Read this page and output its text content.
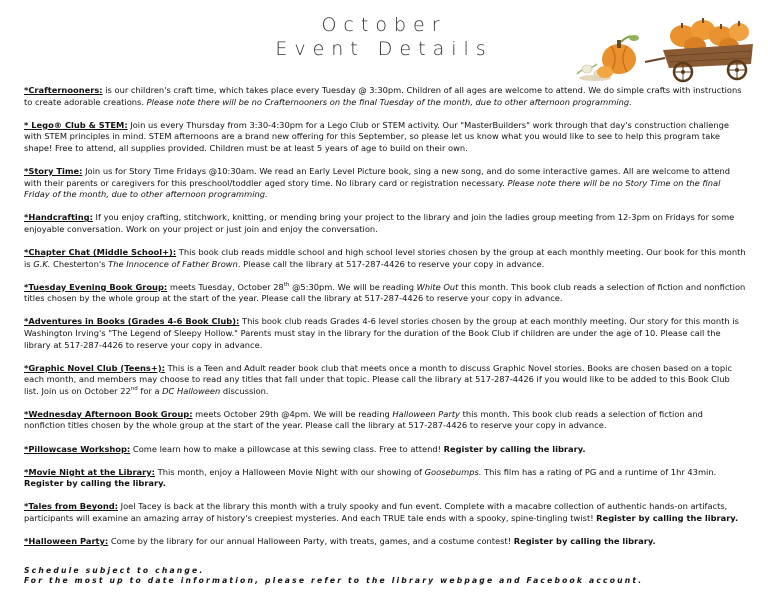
October
Event Details

*Crafternooners: is our children's craft time, which takes place every Tuesday @ 3:30pm. Children of all ages are welcome to attend. We do simple crafts with instructions to create adorable creations. Please note there will be no Crafternooners on the final Tuesday of the month, due to other afternoon programming.

* Lego® Club & STEM: Join us every Thursday from 3:30-4:30pm for a Lego Club or STEM activity. Our "MasterBuilders" work through that day's construction challenge with STEM principles in mind. STEM afternoons are a brand new offering for this September, so please let us know what you would like to see to help this program take shape! Free to attend, all supplies provided. Children must be at least 5 years of age to build on their own.

*Story Time: Join us for Story Time Fridays @10:30am. We read an Early Level Picture book, sing a new song, and do some interactive games. All are welcome to attend with their parents or caregivers for this preschool/toddler aged story time. No library card or registration necessary. Please note there will be no Story Time on the final Friday of the month, due to other afternoon programming.

*Handcrafting: If you enjoy crafting, stitchwork, knitting, or mending bring your project to the library and join the ladies group meeting from 12-3pm on Fridays for some enjoyable conversation. Work on your project or just join and enjoy the conversation.

*Chapter Chat (Middle School+): This book club reads middle school and high school level stories chosen by the group at each monthly meeting. Our book for this month is G.K. Chesterton's The Innocence of Father Brown. Please call the library at 517-287-4426 to reserve your copy in advance.

*Tuesday Evening Book Group: meets Tuesday, October 28th @5:30pm. We will be reading White Out this month. This book club reads a selection of fiction and nonfiction titles chosen by the whole group at the start of the year. Please call the library at 517-287-4426 to reserve your copy in advance.

*Adventures in Books (Grades 4-6 Book Club): This book club reads Grades 4-6 level stories chosen by the group at each monthly meeting. Our story for this month is Washington Irving's "The Legend of Sleepy Hollow." Parents must stay in the library for the duration of the Book Club if children are under the age of 10. Please call the library at 517-287-4426 to reserve your copy in advance.

*Graphic Novel Club (Teens+): This is a Teen and Adult reader book club that meets once a month to discuss Graphic Novel stories. Books are chosen based on a topic each month, and members may choose to read any titles that fall under that topic. Please call the library at 517-287-4426 if you would like to be added to this Book Club list. Join us on October 22nd for a DC Halloween discussion.

*Wednesday Afternoon Book Group: meets October 29th @4pm. We will be reading Halloween Party this month. This book club reads a selection of fiction and nonfiction titles chosen by the whole group at the start of the year. Please call the library at 517-287-4426 to reserve your copy in advance.

*Pillowcase Workshop: Come learn how to make a pillowcase at this sewing class. Free to attend! Register by calling the library.

*Movie Night at the Library: This month, enjoy a Halloween Movie Night with our showing of Goosebumps. This film has a rating of PG and a runtime of 1hr 43min. Register by calling the library.

*Tales from Beyond: Joel Tacey is back at the library this month with a truly spooky and fun event. Complete with a macabre collection of authentic hands-on artifacts, participants will examine an amazing array of history's creepiest mysteries. And each TRUE tale ends with a spooky, spine-tingling twist! Register by calling the library.

*Halloween Party: Come by the library for our annual Halloween Party, with treats, games, and a costume contest! Register by calling the library.

Schedule subject to change.
For the most up to date information, please refer to the library webpage and Facebook account.
